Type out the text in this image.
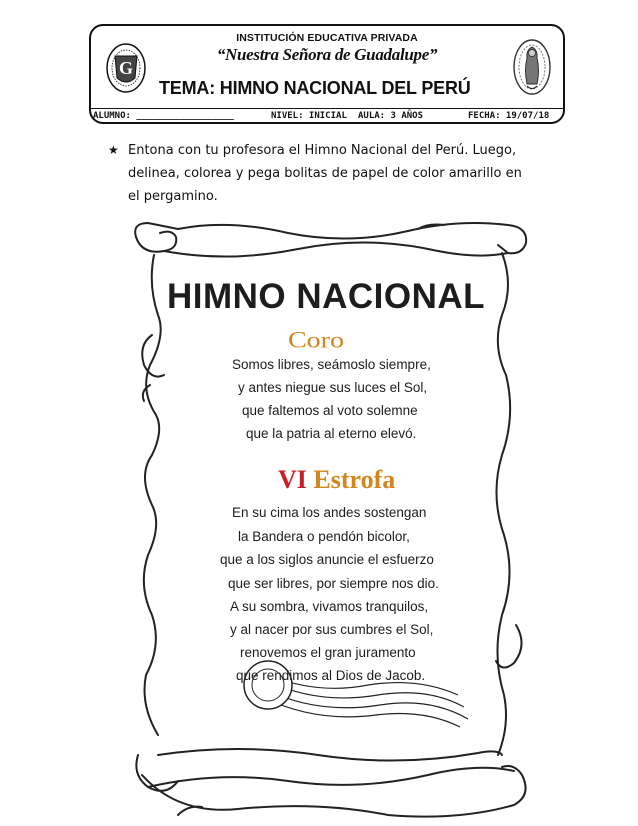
G
INSTITUCIÓN EDUCATIVA PRIVADA
“Nuestra Señora de Guadalupe”
TEMA: HIMNO NACIONAL DEL PERÚ
ALUMNO: __________________	NIVEL: INICIAL AULA: 3 AÑOS	FECHA: 19/07/18
★ Entona con tu profesora el Himno Nacional del Perú. Luego, delinea, colorea y pega bolitas de papel de color amarillo en el pergamino.
HIMNO NACIONAL
Coro
Somos libres, seámoslo siempre,
y antes niegue sus luces el Sol,
que faltemos al voto solemne
que la patria al eterno elevó.
VI Estrofa
En su cima los andes sostengan
la Bandera o pendón bicolor,
que a los siglos anuncie el esfuerzo
que ser libres, por siempre nos dio.
A su sombra, vivamos tranquilos,
y al nacer por sus cumbres el Sol,
renovemos el gran juramento
que rendimos al Dios de Jacob.
